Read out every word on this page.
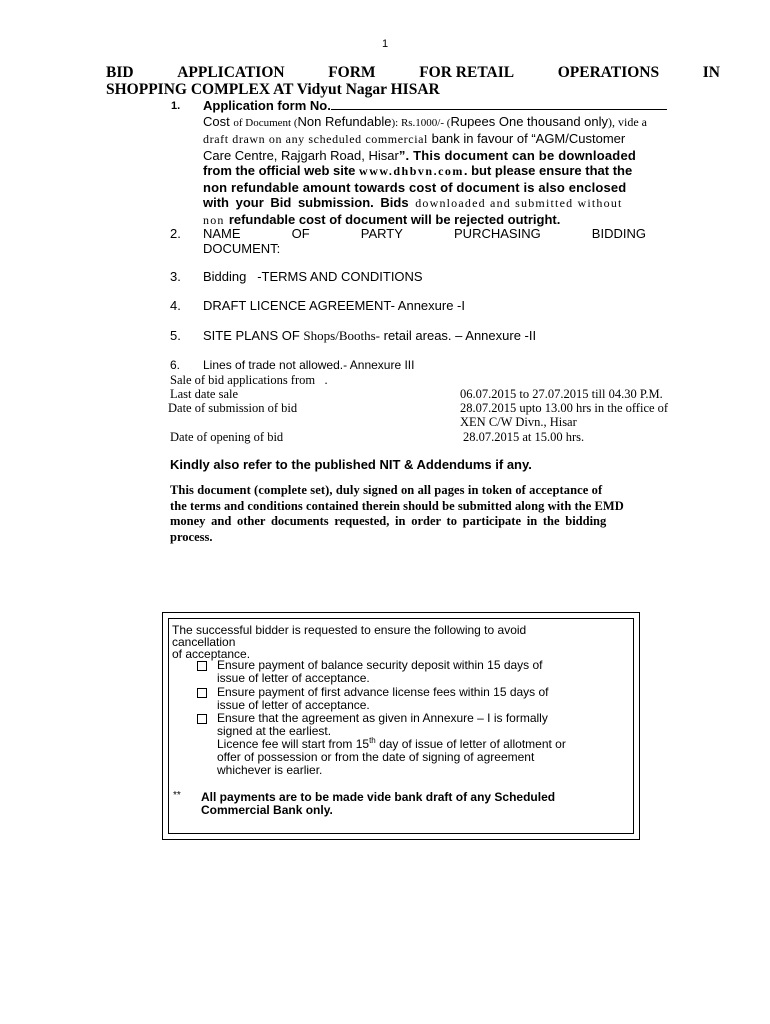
1
BID	APPLICATION	FORM	FOR RETAIL	OPERATIONS	IN
SHOPPING COMPLEX AT Vidyut Nagar HISAR
1. Application form No.
Cost of Document (Non Refundable): Rs.1000/- (Rupees One thousand only), vide a
draft drawn on any scheduled commercial bank in favour of “AGM/Customer
Care Centre, Rajgarh Road, Hisar”. This document can be downloaded
from the official web site www.dhbvn.com. but please ensure that the
non refundable amount towards cost of document is also enclosed
with your Bid submission. Bids downloaded and submitted without
non refundable cost of document will be rejected outright.
2.	NAME	OF	PARTY	PURCHASING	BIDDING
DOCUMENT:
3. Bidding   -TERMS AND CONDITIONS
4. DRAFT LICENCE AGREEMENT- Annexure -I
5. SITE PLANS OF Shops/Booths- retail areas. – Annexure -II
6. Lines of trade not allowed.- Annexure III
Sale of bid applications from   .
Last date sale	06.07.2015 to 27.07.2015 till 04.30 P.M.
Date of submission of bid	28.07.2015 upto 13.00 hrs in the office of
XEN C/W Divn., Hisar
Date of opening of bid	28.07.2015 at 15.00 hrs.
Kindly also refer to the published NIT & Addendums if any.
This document (complete set), duly signed on all pages in token of acceptance of
the terms and conditions contained therein should be submitted along with the EMD
money and other documents requested, in order to participate in the bidding
process.
The successful bidder is requested to ensure the following to avoid
cancellation
of acceptance.
Ensure payment of balance security deposit within 15 days of
issue of letter of acceptance.
Ensure payment of first advance license fees within 15 days of
issue of letter of acceptance.
Ensure that the agreement as given in Annexure – I is formally
signed at the earliest.
Licence fee will start from 15th day of issue of letter of allotment or
offer of possession or from the date of signing of agreement
whichever is earlier.
** All payments are to be made vide bank draft of any Scheduled
Commercial Bank only.
